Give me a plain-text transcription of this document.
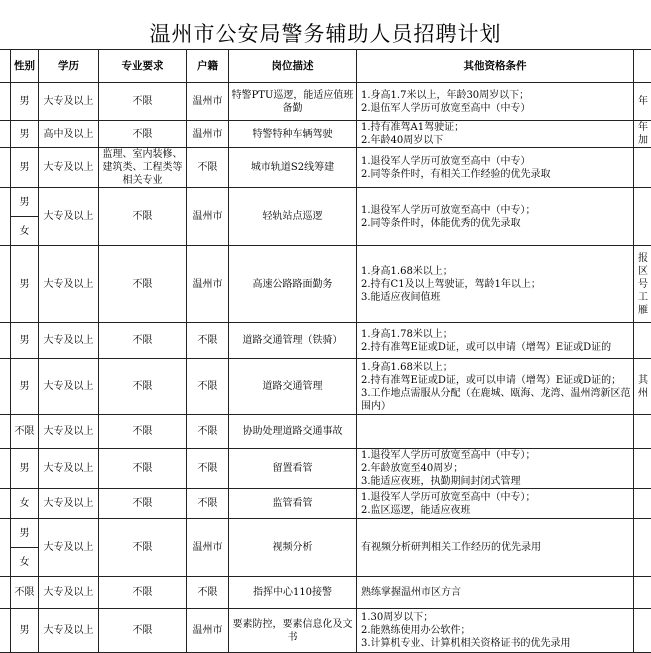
温州市公安局警务辅助人员招聘计划
	性别	学历	专业要求	户籍	岗位描述	其他资格条件	
	男	大专及以上	不限	温州市	特警PTU巡逻，能适应值班备勤	1.身高1.7米以上，年龄30周岁以下；
2.退伍军人学历可放宽至高中（中专）	年
	男	高中及以上	不限	温州市	特警特种车辆驾驶	1.持有准驾A1驾驶证；
2.年龄40周岁以下	年 加
	男	大专及以上	监理、室内装修、建筑类、工程类等相关专业	不限	城市轨道S2线筹建	1.退役军人学历可放宽至高中（中专）
2.同等条件时，有相关工作经验的优先录取	

	男	大专及以上	不限	温州市	轻轨站点巡逻	1.退役军人学历可放宽至高中（中专）；
2.同等条件时，体能优秀的优先录取	

	女						
	男	大专及以上	不限	温州市	高速公路路面勤务	1.身高1.68米以上；
2.持有C1及以上驾驶证，驾龄1年以上；
3.能适应夜间值班	报 区 号 工 雁
	男	大专及以上	不限	不限	道路交通管理（铁骑）	1.身高1.78米以上；
2.持有准驾E证或D证，或可以申请（增驾）E证或D证的	

	男	大专及以上	不限	不限	道路交通管理	1.身高1.68米以上；
2.持有准驾E证或D证，或可以申请（增驾）E证或D证的；
3.工作地点需服从分配（在鹿城、瓯海、龙湾、温州湾新区范围内）	其 州
	不限	大专及以上	不限	不限	协助处理道路交通事故		
	男	大专及以上	不限	不限	留置看管	1.退役军人学历可放宽至高中（中专）；
2.年龄放宽至40周岁；
3.能适应夜班，执勤期间封闭式管理	

	女	大专及以上	不限	不限	监管看管	1.退役军人学历可放宽至高中（中专）；
2.监区巡逻，能适应夜班	

	男	大专及以上	不限	温州市	视频分析	有视频分析研判相关工作经历的优先录用	

	女						
	不限	大专及以上	不限	不限	指挥中心110接警	熟练掌握温州市区方言	

	男	大专及以上	不限	温州市	要素防控，要素信息化及文书	1.30周岁以下；
2.能熟练使用办公软件；
3.计算机专业、计算机相关资格证书的优先录用	
